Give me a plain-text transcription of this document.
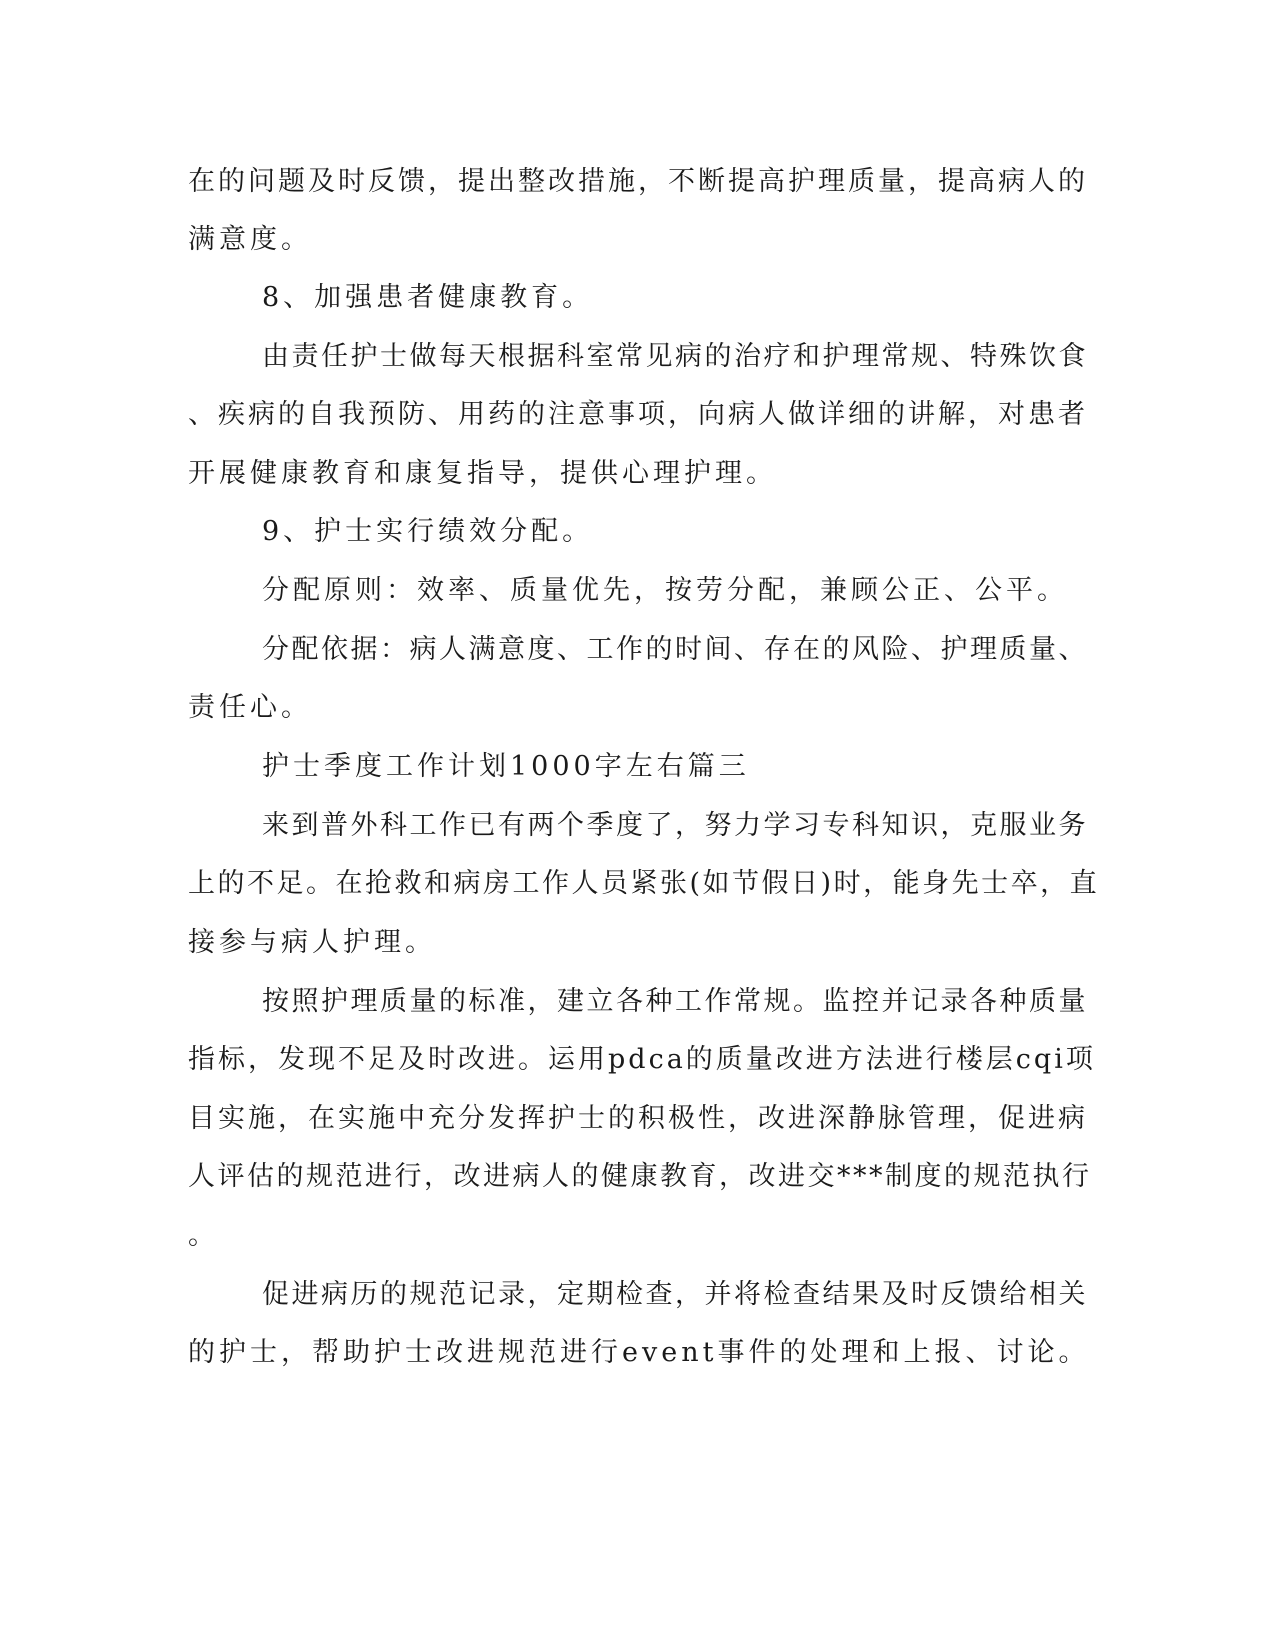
在的问题及时反馈，提出整改措施，不断提高护理质量，提高病人的
满意度。
8、加强患者健康教育。
由责任护士做每天根据科室常见病的治疗和护理常规、特殊饮食
、疾病的自我预防、用药的注意事项，向病人做详细的讲解，对患者
开展健康教育和康复指导，提供心理护理。
9、护士实行绩效分配。
分配原则：效率、质量优先，按劳分配，兼顾公正、公平。
分配依据：病人满意度、工作的时间、存在的风险、护理质量、
责任心。
护士季度工作计划1000字左右篇三
来到普外科工作已有两个季度了，努力学习专科知识，克服业务
上的不足。在抢救和病房工作人员紧张(如节假日)时，能身先士卒，直
接参与病人护理。
按照护理质量的标准，建立各种工作常规。监控并记录各种质量
指标，发现不足及时改进。运用pdca的质量改进方法进行楼层cqi项
目实施，在实施中充分发挥护士的积极性，改进深静脉管理，促进病
人评估的规范进行，改进病人的健康教育，改进交***制度的规范执行
。
促进病历的规范记录，定期检查，并将检查结果及时反馈给相关
的护士，帮助护士改进规范进行event事件的处理和上报、讨论。
